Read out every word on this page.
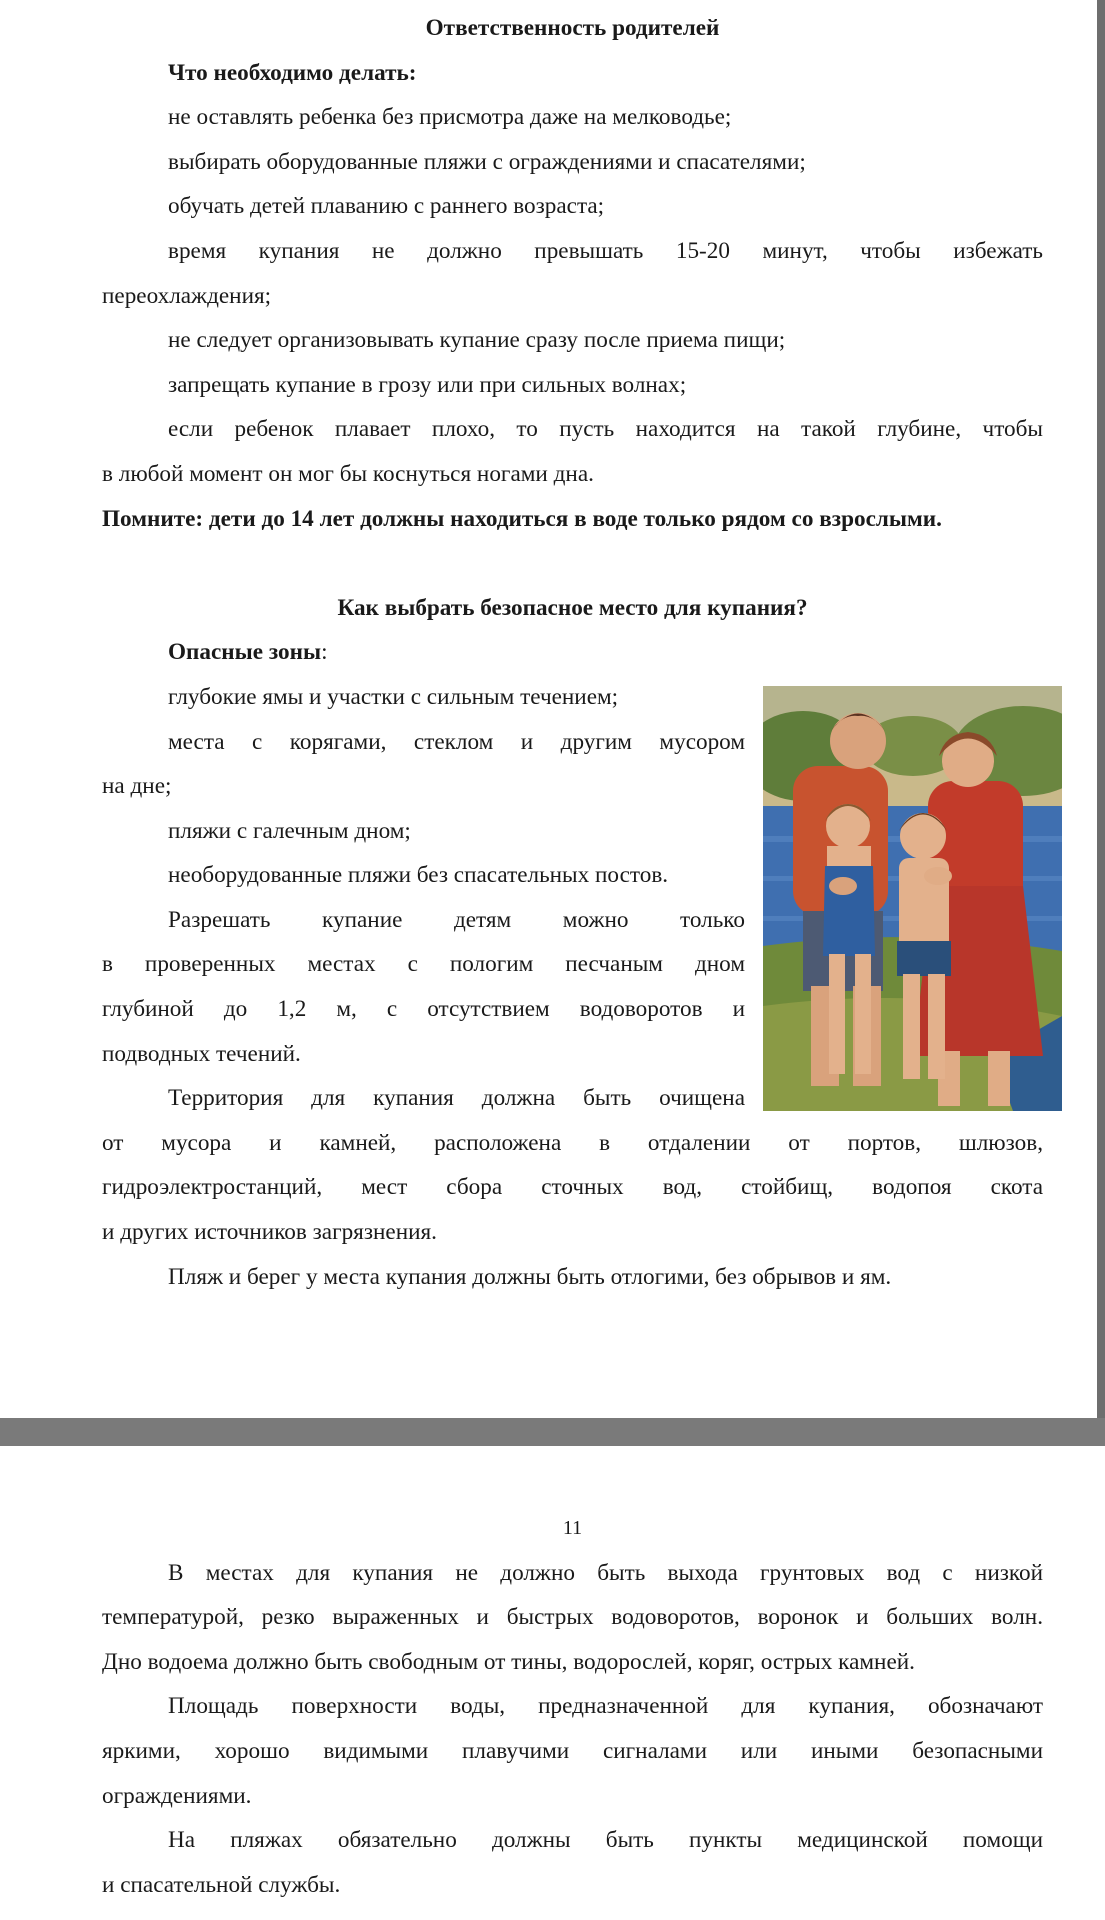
Ответственность родителей

Что необходимо делать:

не оставлять ребенка без присмотра даже на мелководье;

выбирать оборудованные пляжи с ограждениями и спасателями;

обучать детей плаванию с раннего возраста;

время купания не должно превышать 15-20 минут, чтобы избежать

переохлаждения;

не следует организовывать купание сразу после приема пищи;

запрещать купание в грозу или при сильных волнах;

если ребенок плавает плохо, то пусть находится на такой глубине, чтобы

в любой момент он мог бы коснуться ногами дна.

Помните: дети до 14 лет должны находиться в воде только рядом со взрослыми.

Как выбрать безопасное место для купания?

Опасные зоны:

глубокие ямы и участки с сильным течением;

места с корягами, стеклом и другим мусором

на дне;

пляжи с галечным дном;

необорудованные пляжи без спасательных постов.

Разрешать купание детям можно только

в проверенных местах с пологим песчаным дном

глубиной до 1,2 м, с отсутствием водоворотов и

подводных течений.

Территория для купания должна быть очищена

от мусора и камней, расположена в отдалении от портов, шлюзов,

гидроэлектростанций, мест сбора сточных вод, стойбищ, водопоя скота

и других источников загрязнения.

Пляж и берег у места купания должны быть отлогими, без обрывов и ям.

11

В местах для купания не должно быть выхода грунтовых вод с низкой

температурой, резко выраженных и быстрых водоворотов, воронок и больших волн.

Дно водоема должно быть свободным от тины, водорослей, коряг, острых камней.

Площадь поверхности воды, предназначенной для купания, обозначают

яркими, хорошо видимыми плавучими сигналами или иными безопасными

ограждениями.

На пляжах обязательно должны быть пункты медицинской помощи

и спасательной службы.
